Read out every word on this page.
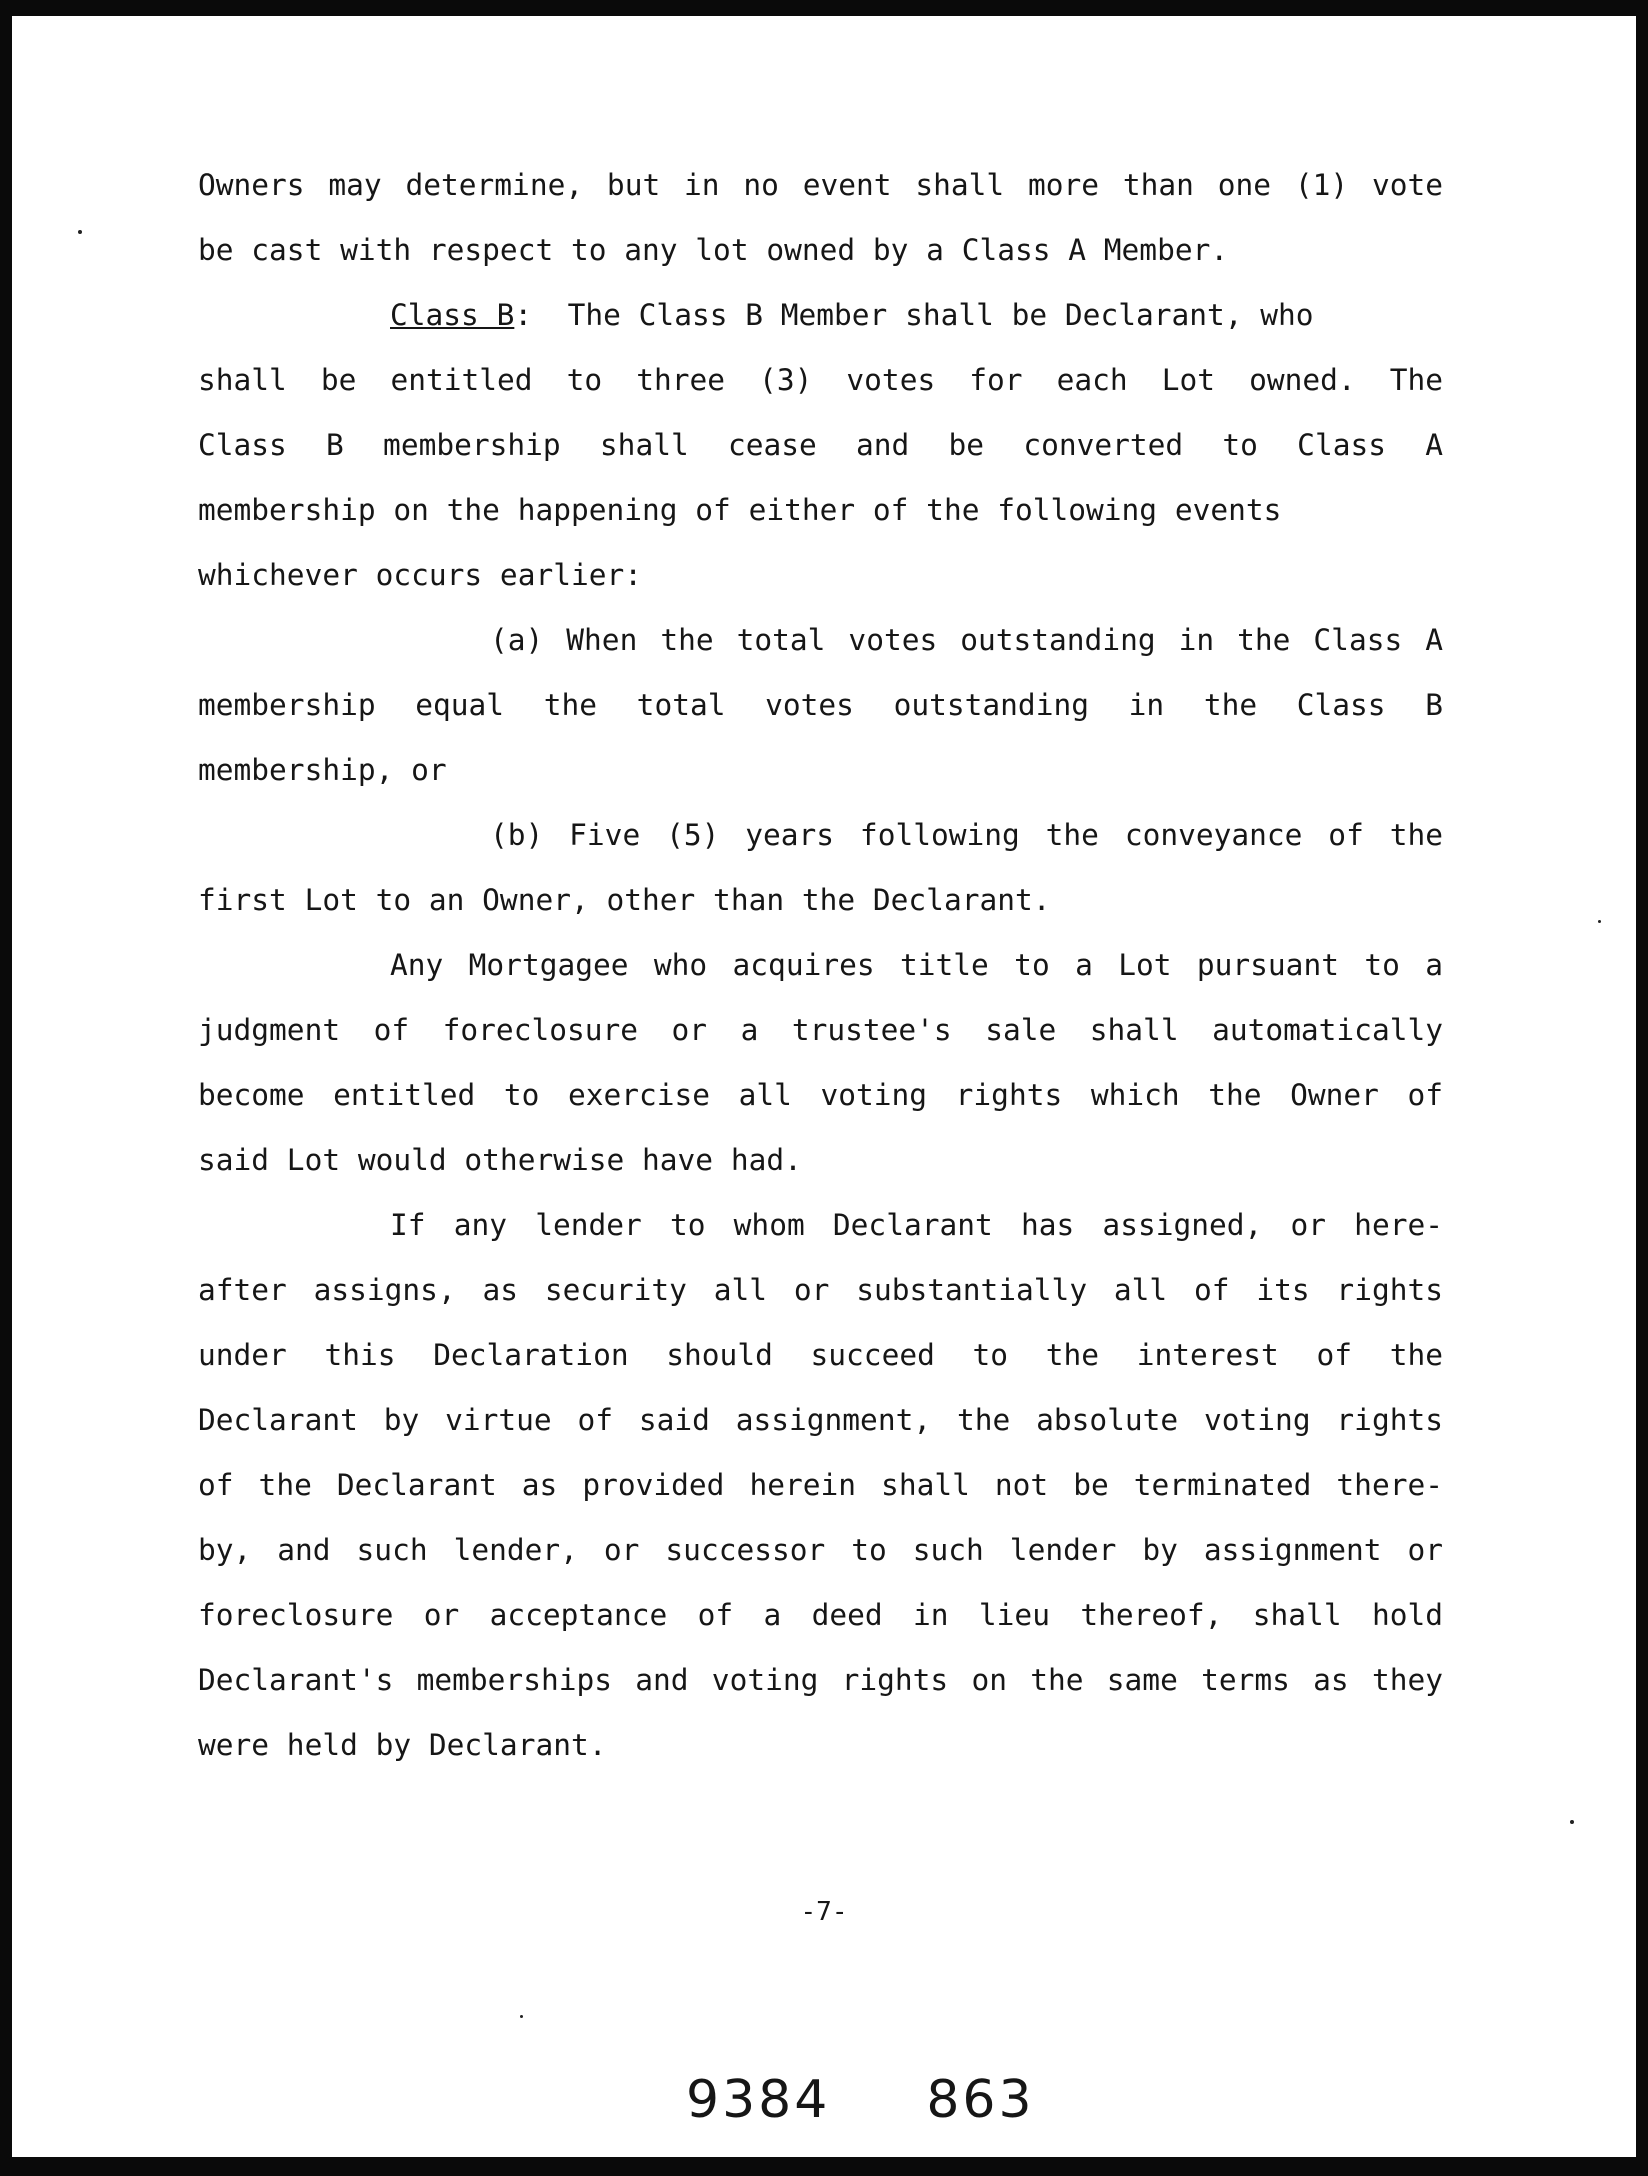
Owners may determine, but in no event shall more than one (1) vote
be cast with respect to any lot owned by a Class A Member.
Class B: The Class B Member shall be Declarant, who
shall be entitled to three (3) votes for each Lot owned. The
Class B membership shall cease and be converted to Class A
membership on the happening of either of the following events
whichever occurs earlier:
(a) When the total votes outstanding in the Class A
membership equal the total votes outstanding in the Class B
membership, or
(b) Five (5) years following the conveyance of the
first Lot to an Owner, other than the Declarant.
Any Mortgagee who acquires title to a Lot pursuant to a
judgment of foreclosure or a trustee's sale shall automatically
become entitled to exercise all voting rights which the Owner of
said Lot would otherwise have had.
If any lender to whom Declarant has assigned, or here-
after assigns, as security all or substantially all of its rights
under this Declaration should succeed to the interest of the
Declarant by virtue of said assignment, the absolute voting rights
of the Declarant as provided herein shall not be terminated there-
by, and such lender, or successor to such lender by assignment or
foreclosure or acceptance of a deed in lieu thereof, shall hold
Declarant's memberships and voting rights on the same terms as they
were held by Declarant.
-7-
9384 863
